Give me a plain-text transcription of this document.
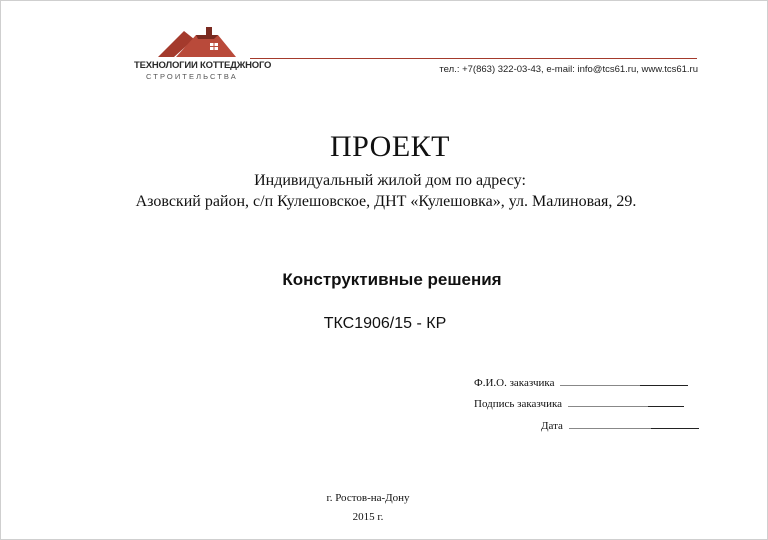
ТЕХНОЛОГИИ КОТТЕДЖНОГО
СТРОИТЕЛЬСТВА
тел.: +7(863) 322-03-43, e-mail: info@tcs61.ru, www.tcs61.ru
ПРОЕКТ
Индивидуальный жилой дом по адресу:
Азовский район, с/п Кулешовское, ДНТ «Кулешовка», ул. Малиновая, 29.
Конструктивные решения
ТКС1906/15 - КР
Ф.И.О. заказчика
Подпись заказчика
Дата
г. Ростов-на-Дону
2015 г.
